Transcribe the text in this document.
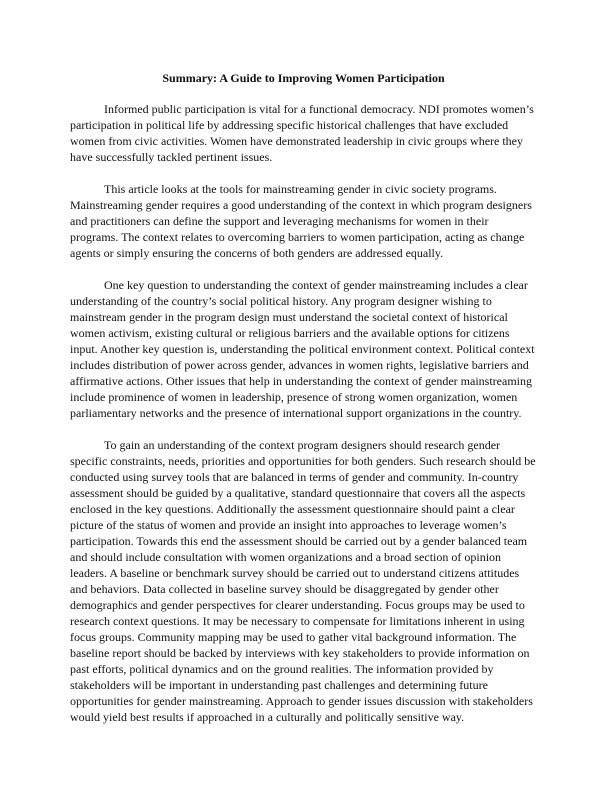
Summary: A Guide to Improving Women Participation

Informed public participation is vital for a functional democracy. NDI promotes women’s participation in political life by addressing specific historical challenges that have excluded women from civic activities. Women have demonstrated leadership in civic groups where they have successfully tackled pertinent issues.

This article looks at the tools for mainstreaming gender in civic society programs. Mainstreaming gender requires a good understanding of the context in which program designers and practitioners can define the support and leveraging mechanisms for women in their programs. The context relates to overcoming barriers to women participation, acting as change agents or simply ensuring the concerns of both genders are addressed equally.

One key question to understanding the context of gender mainstreaming includes a clear understanding of the country’s social political history. Any program designer wishing to mainstream gender in the program design must understand the societal context of historical women activism, existing cultural or religious barriers and the available options for citizens input. Another key question is, understanding the political environment context. Political context includes distribution of power across gender, advances in women rights, legislative barriers and affirmative actions. Other issues that help in understanding the context of gender mainstreaming include prominence of women in leadership, presence of strong women organization, women parliamentary networks and the presence of international support organizations in the country.

To gain an understanding of the context program designers should research gender specific constraints, needs, priorities and opportunities for both genders. Such research should be conducted using survey tools that are balanced in terms of gender and community. In-country assessment should be guided by a qualitative, standard questionnaire that covers all the aspects enclosed in the key questions. Additionally the assessment questionnaire should paint a clear picture of the status of women and provide an insight into approaches to leverage women’s participation. Towards this end the assessment should be carried out by a gender balanced team and should include consultation with women organizations and a broad section of opinion leaders. A baseline or benchmark survey should be carried out to understand citizens attitudes and behaviors. Data collected in baseline survey should be disaggregated by gender other demographics and gender perspectives for clearer understanding. Focus groups may be used to research context questions. It may be necessary to compensate for limitations inherent in using focus groups. Community mapping may be used to gather vital background information. The baseline report should be backed by interviews with key stakeholders to provide information on past efforts, political dynamics and on the ground realities. The information provided by stakeholders will be important in understanding past challenges and determining future opportunities for gender mainstreaming. Approach to gender issues discussion with stakeholders would yield best results if approached in a culturally and politically sensitive way.
